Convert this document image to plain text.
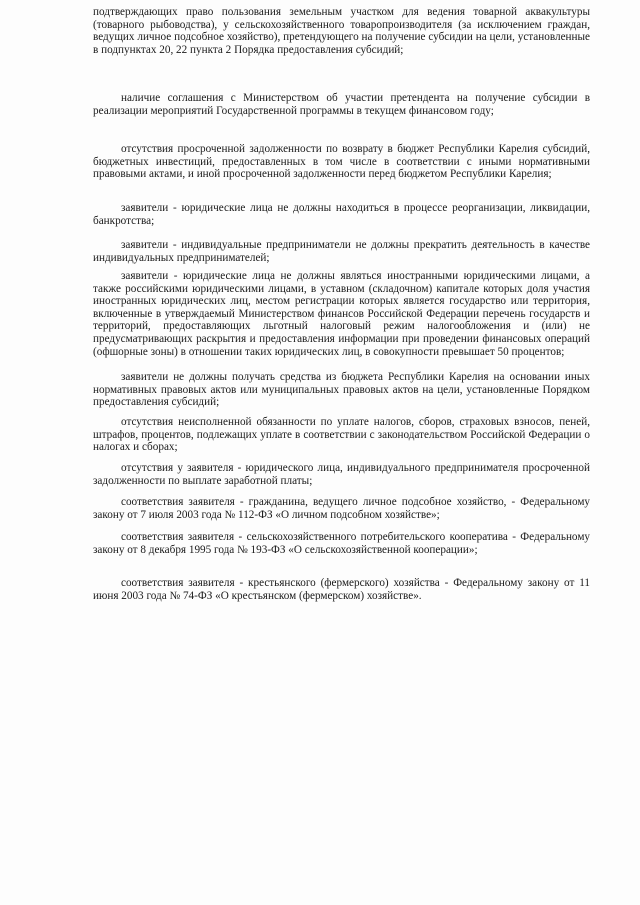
подтверждающих право пользования земельным участком для ведения товарной аквакультуры (товарного рыбоводства), у сельскохозяйственного товаропроизводителя (за исключением граждан, ведущих личное подсобное хозяйство), претендующего на получение субсидии на цели, установленные в подпунктах 20, 22 пункта 2 Порядка предоставления субсидий;

наличие соглашения с Министерством об участии претендента на получение субсидии в реализации мероприятий Государственной программы в текущем финансовом году;

отсутствия просроченной задолженности по возврату в бюджет Республики Карелия субсидий, бюджетных инвестиций, предоставленных в том числе в соответствии с иными нормативными правовыми актами, и иной просроченной задолженности перед бюджетом Республики Карелия;

заявители - юридические лица не должны находиться в процессе реорганизации, ликвидации, банкротства;

заявители - индивидуальные предприниматели не должны прекратить деятельность в качестве индивидуальных предпринимателей;

заявители - юридические лица не должны являться иностранными юридическими лицами, а также российскими юридическими лицами, в уставном (складочном) капитале которых доля участия иностранных юридических лиц, местом регистрации которых является государство или территория, включенные в утверждаемый Министерством финансов Российской Федерации перечень государств и территорий, предоставляющих льготный налоговый режим налогообложения и (или) не предусматривающих раскрытия и предоставления информации при проведении финансовых операций (офшорные зоны) в отношении таких юридических лиц, в совокупности превышает 50 процентов;

заявители не должны получать средства из бюджета Республики Карелия на основании иных нормативных правовых актов или муниципальных правовых актов на цели, установленные Порядком предоставления субсидий;

отсутствия неисполненной обязанности по уплате налогов, сборов, страховых взносов, пеней, штрафов, процентов, подлежащих уплате в соответствии с законодательством Российской Федерации о налогах и сборах;

отсутствия у заявителя - юридического лица, индивидуального предпринимателя просроченной задолженности по выплате заработной платы;

соответствия заявителя - гражданина, ведущего личное подсобное хозяйство, - Федеральному закону от 7 июля 2003 года № 112-ФЗ «О личном подсобном хозяйстве»;

соответствия заявителя - сельскохозяйственного потребительского кооператива - Федеральному закону от 8 декабря 1995 года № 193-ФЗ «О сельскохозяйственной кооперации»;

соответствия заявителя - крестьянского (фермерского) хозяйства - Федеральному закону от 11 июня 2003 года № 74-ФЗ «О крестьянском (фермерском) хозяйстве».
